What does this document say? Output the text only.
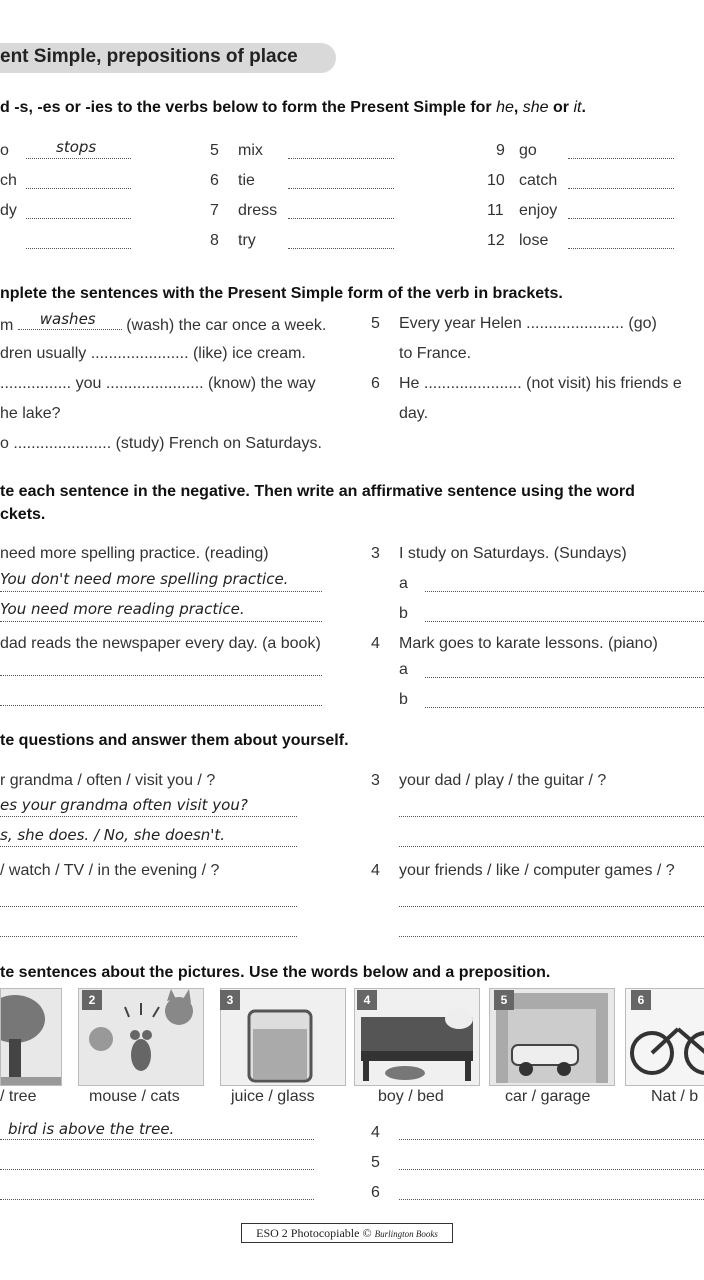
ent Simple, prepositions of place
d -s, -es or -ies to the verbs below to form the Present Simple for he, she or it.
o	stops
ch
dy
5 mix
6 tie
7 dress
8 try
9 go
10 catch
11 enjoy
12 lose
nplete the sentences with the Present Simple form of the verb in brackets.
m washes (wash) the car once a week.
dren usually ...................... (like) ice cream.
................ you ...................... (know) the way
he lake?
o ...................... (study) French on Saturdays.
5 Every year Helen ...................... (go)
to France.
6 He ...................... (not visit) his friends e
day.
te each sentence in the negative. Then write an affirmative sentence using the word
ckets.
need more spelling practice. (reading)
You don't need more spelling practice.
You need more reading practice.
dad reads the newspaper every day. (a book)
3 I study on Saturdays. (Sundays)
a
b
4 Mark goes to karate lessons. (piano)
a
b
te questions and answer them about yourself.
r grandma / often / visit you / ?
es your grandma often visit you?
s, she does. / No, she doesn't.
/ watch / TV / in the evening / ?
3 your dad / play / the guitar / ?
4 your friends / like / computer games / ?
te sentences about the pictures. Use the words below and a preposition.
2	3	4	5	6
/ tree	mouse / cats	juice / glass	boy / bed	car / garage	Nat / b
bird is above the tree.	4
5
6
ESO 2 Photocopiable © Burlington Books
